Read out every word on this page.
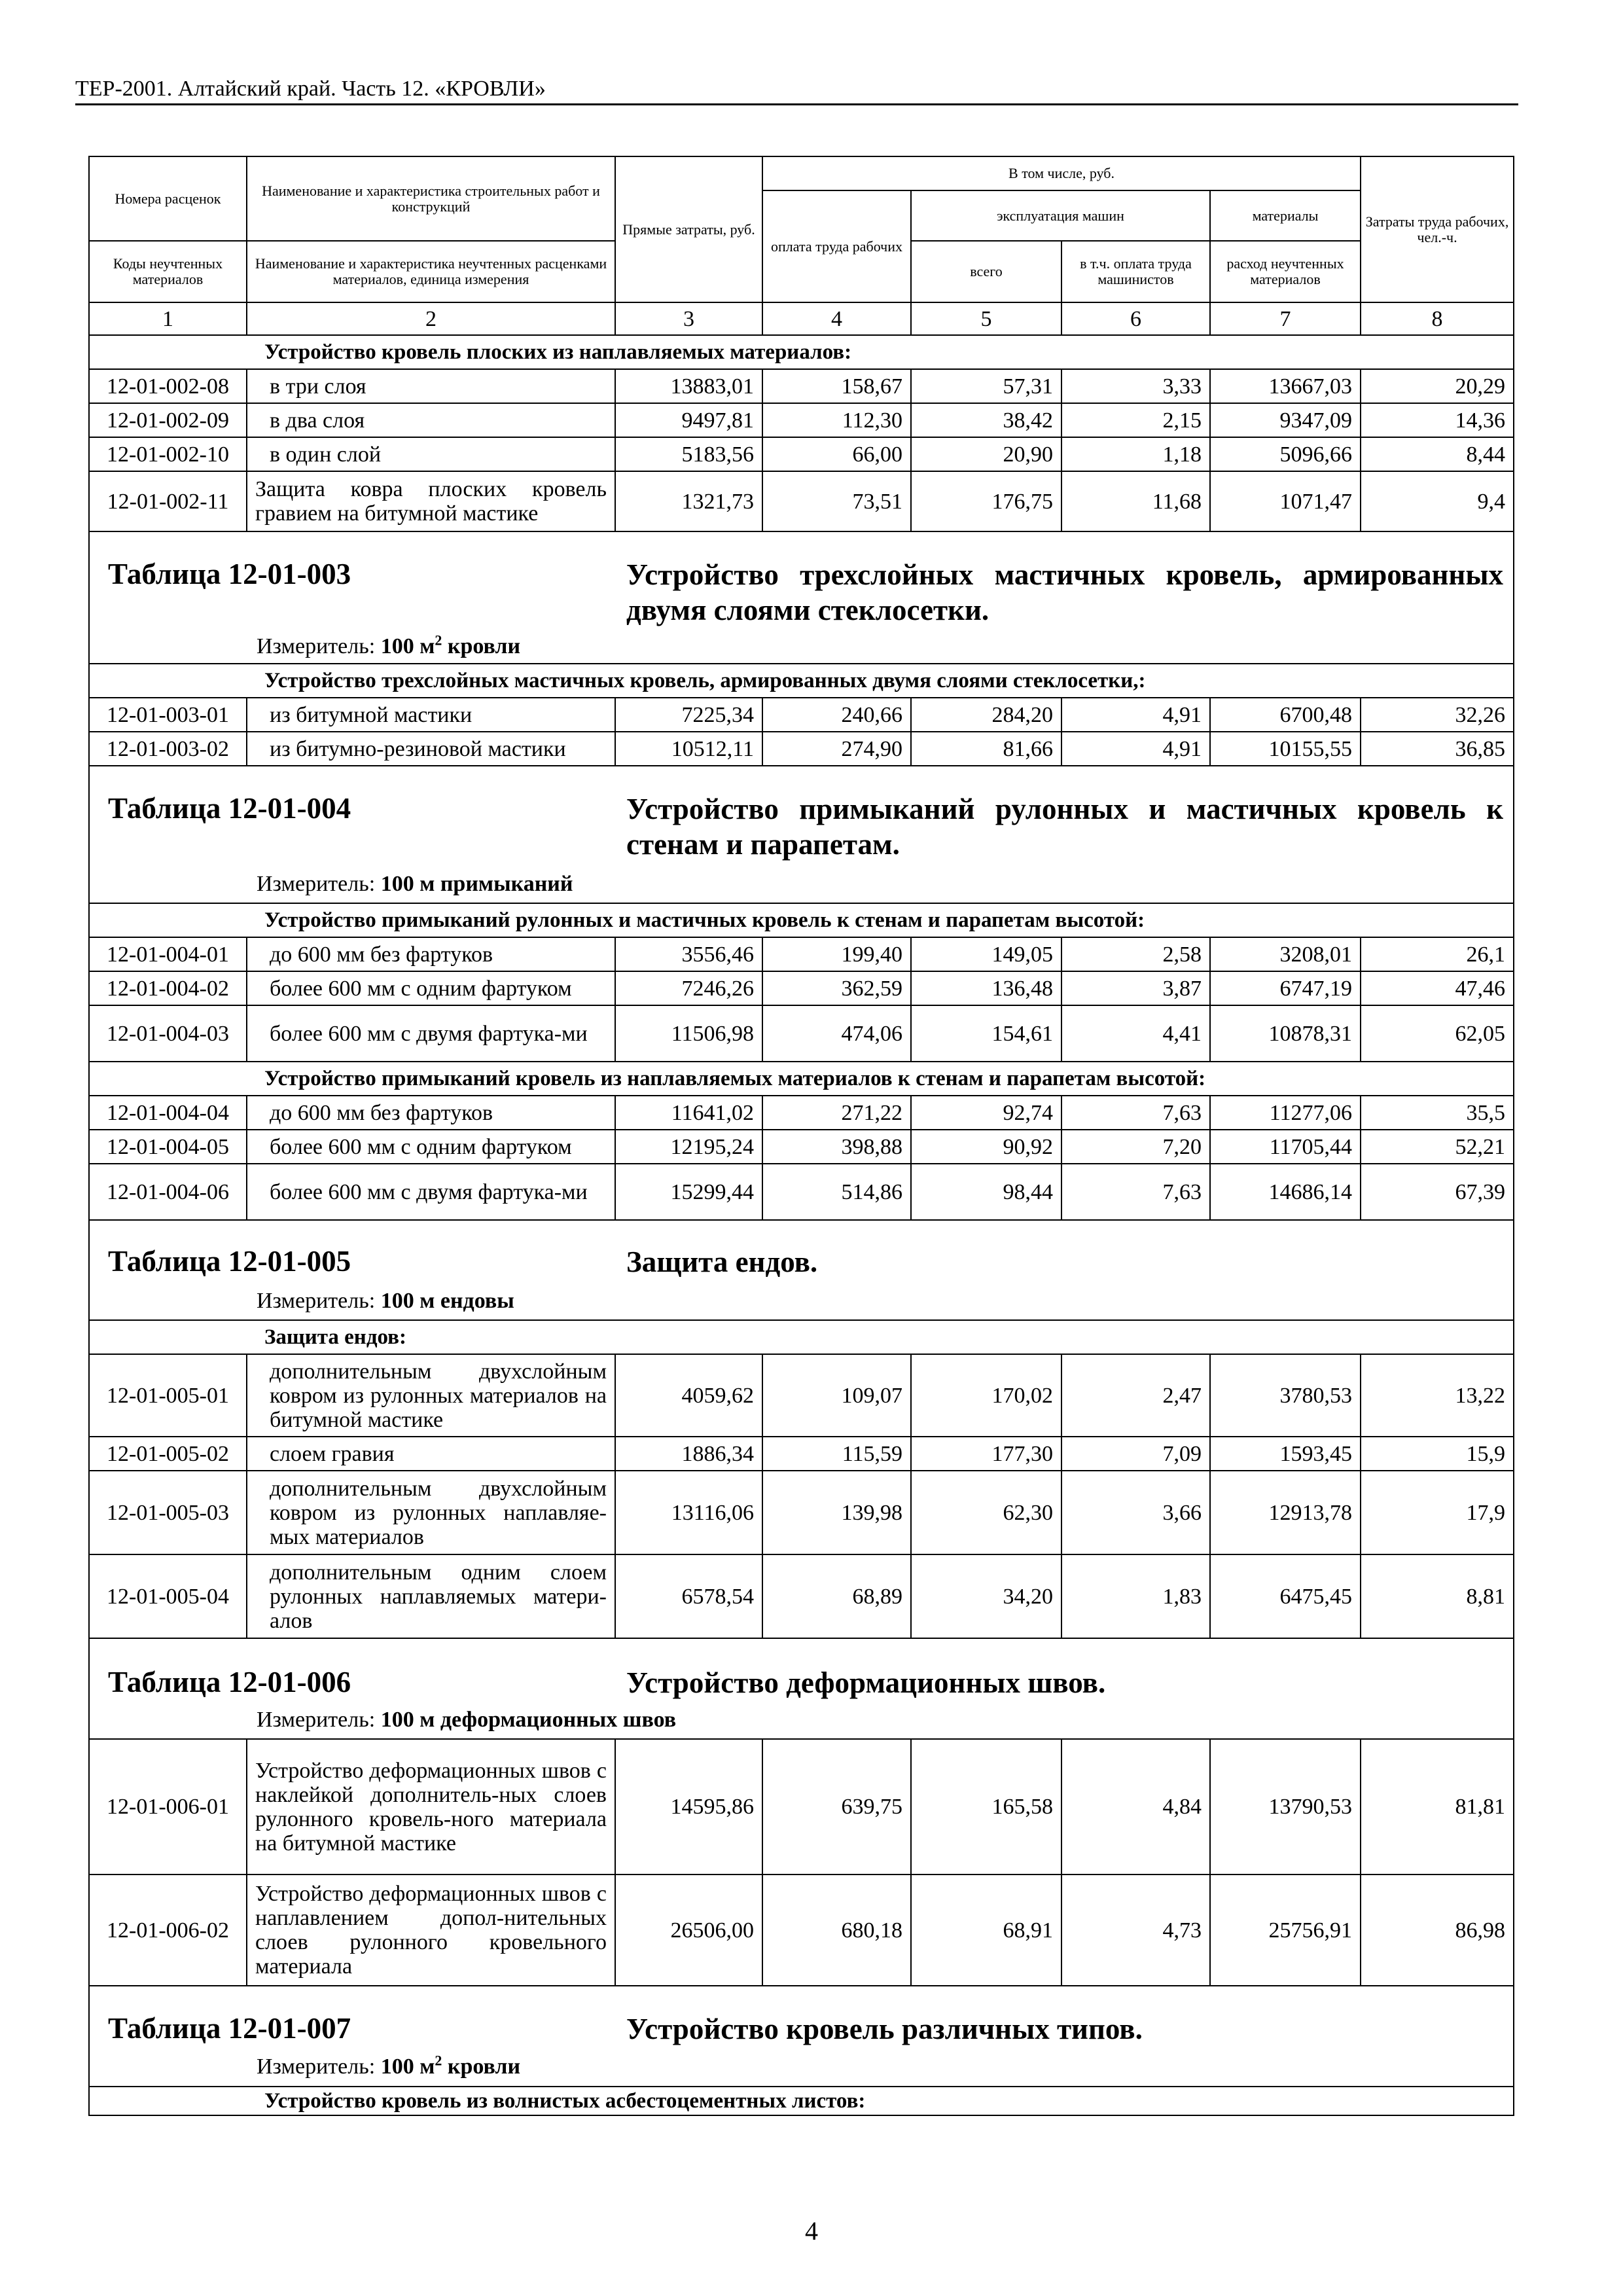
ТЕР-2001. Алтайский край. Часть 12. «КРОВЛИ»
Номера расценок	Наименование и характеристика строительных работ и конструкций	Прямые затраты, руб.	В том числе, руб.				Затраты труда рабочих, чел.-ч.
			оплата труда рабочих	эксплуатация машин		материалы	
Коды неучтенных материалов	Наименование и характеристика неучтенных расценками материалов, единица измерения			всего	в т.ч. оплата труда машинистов	расход неучтенных материалов	
1	2	3	4	5	6	7	8
Устройство кровель плоских из наплавляемых материалов:							
12-01-002-08	в три слоя	13883,01	158,67	57,31	3,33	13667,03	20,29
12-01-002-09	в два слоя	9497,81	112,30	38,42	2,15	9347,09	14,36
12-01-002-10	в один слой	5183,56	66,00	20,90	1,18	5096,66	8,44
12-01-002-11	Защита ковра плоских кровель гравием на битумной мастике	1321,73	73,51	176,75	11,68	1071,47	9,4

Таблица 12-01-003 Устройство трехслойных мастичных кровель, армированных двумя слоями стеклосетки.
Измеритель: 100 $м^2$ кровли							

Устройство трехслойных мастичных кровель, армированных двумя слоями стеклосетки,:							
12-01-003-01	из битумной мастики	7225,34	240,66	284,20	4,91	6700,48	32,26
12-01-003-02	из битумно-резиновой мастики	10512,11	274,90	81,66	4,91	10155,55	36,85

Таблица 12-01-004 Устройство примыканий рулонных и мастичных кровель к стенам и парапетам.
Измеритель: 100 м примыканий							

Устройство примыканий рулонных и мастичных кровель к стенам и парапетам высотой:							
12-01-004-01	до 600 мм без фартуков	3556,46	199,40	149,05	2,58	3208,01	26,1
12-01-004-02	более 600 мм с одним фартуком	7246,26	362,59	136,48	3,87	6747,19	47,46
12-01-004-03	более 600 мм с двумя фартука-ми	11506,98	474,06	154,61	4,41	10878,31	62,05
Устройство примыканий кровель из наплавляемых материалов к стенам и парапетам высотой:							
12-01-004-04	до 600 мм без фартуков	11641,02	271,22	92,74	7,63	11277,06	35,5
12-01-004-05	более 600 мм с одним фартуком	12195,24	398,88	90,92	7,20	11705,44	52,21
12-01-004-06	более 600 мм с двумя фартука-ми	15299,44	514,86	98,44	7,63	14686,14	67,39

Таблица 12-01-005 Защита ендов.
Измеритель: 100 м ендовы							

Защита ендов:							
12-01-005-01	дополнительным двухслойным ковром из рулонных материалов на битумной мастике	4059,62	109,07	170,02	2,47	3780,53	13,22
12-01-005-02	слоем гравия	1886,34	115,59	177,30	7,09	1593,45	15,9
12-01-005-03	дополнительным двухслойным ковром из рулонных наплавляе-мых материалов	13116,06	139,98	62,30	3,66	12913,78	17,9
12-01-005-04	дополнительным одним слоем рулонных наплавляемых матери-алов	6578,54	68,89	34,20	1,83	6475,45	8,81

Таблица 12-01-006 Устройство деформационных швов.
Измеритель: 100 м деформационных швов							

12-01-006-01	Устройство деформационных швов с наклейкой дополнитель-ных слоев рулонного кровель-ного материала на битумной мастике	14595,86	639,75	165,58	4,84	13790,53	81,81
12-01-006-02	Устройство деформационных швов с наплавлением допол-нительных слоев рулонного кровельного материала	26506,00	680,18	68,91	4,73	25756,91	86,98

Таблица 12-01-007 Устройство кровель различных типов.
Измеритель: 100 $м^2$ кровли							

Устройство кровель из волнистых асбестоцементных листов:							
4
